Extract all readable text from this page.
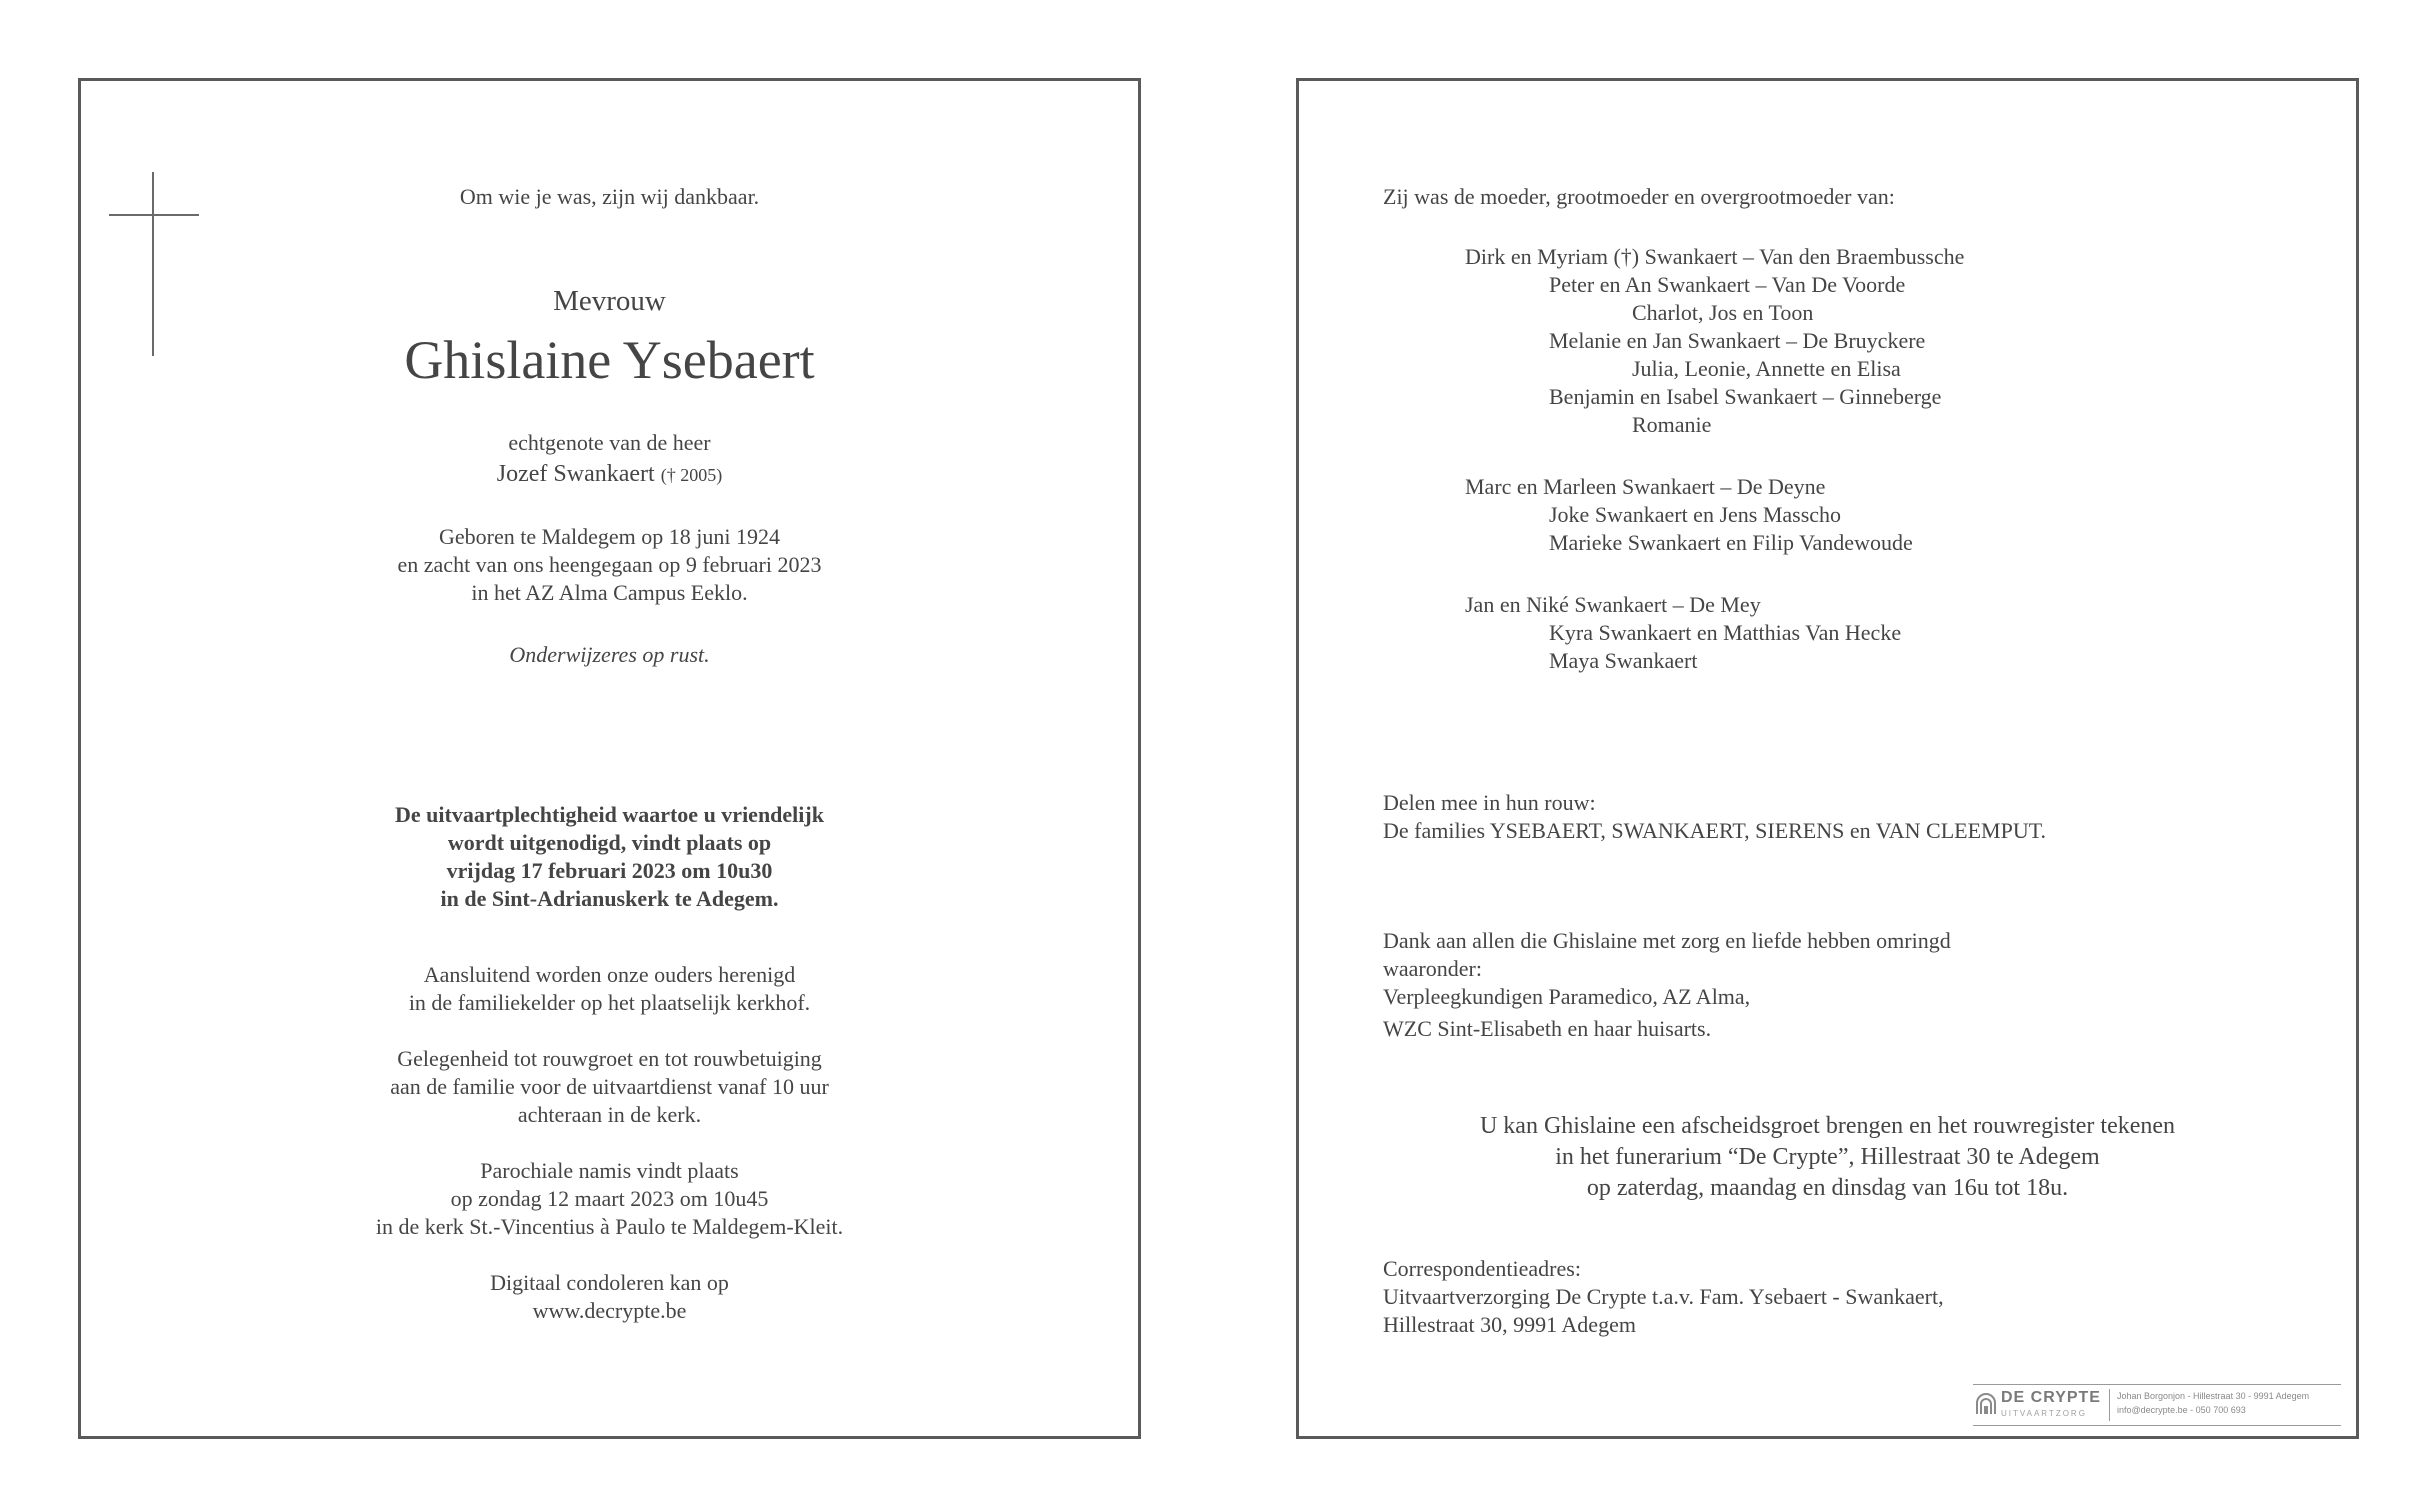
Om wie je was, zijn wij dankbaar.
Mevrouw
Ghislaine Ysebaert
echtgenote van de heer
Jozef Swankaert († 2005)
Geboren te Maldegem op 18 juni 1924
en zacht van ons heengegaan op 9 februari 2023
in het AZ Alma Campus Eeklo.
Onderwijzeres op rust.
De uitvaartplechtigheid waartoe u vriendelijk
wordt uitgenodigd, vindt plaats op
vrijdag 17 februari 2023 om 10u30
in de Sint-Adrianuskerk te Adegem.
Aansluitend worden onze ouders herenigd
in de familiekelder op het plaatselijk kerkhof.
Gelegenheid tot rouwgroet en tot rouwbetuiging
aan de familie voor de uitvaartdienst vanaf 10 uur
achteraan in de kerk.
Parochiale namis vindt plaats
op zondag 12 maart 2023 om 10u45
in de kerk St.-Vincentius à Paulo te Maldegem-Kleit.
Digitaal condoleren kan op
www.decrypte.be
Zij was de moeder, grootmoeder en overgrootmoeder van:
Dirk en Myriam (†) Swankaert – Van den Braembussche
Peter en An Swankaert – Van De Voorde
Charlot, Jos en Toon
Melanie en Jan Swankaert – De Bruyckere
Julia, Leonie, Annette en Elisa
Benjamin en Isabel Swankaert – Ginneberge
Romanie
Marc en Marleen Swankaert – De Deyne
Joke Swankaert en Jens Masscho
Marieke Swankaert en Filip Vandewoude
Jan en Niké Swankaert – De Mey
Kyra Swankaert en Matthias Van Hecke
Maya Swankaert
Delen mee in hun rouw:
De families YSEBAERT, SWANKAERT, SIERENS en VAN CLEEMPUT.
Dank aan allen die Ghislaine met zorg en liefde hebben omringd
waaronder:
Verpleegkundigen Paramedico, AZ Alma,
WZC Sint-Elisabeth en haar huisarts.
U kan Ghislaine een afscheidsgroet brengen en het rouwregister tekenen
in het funerarium “De Crypte”, Hillestraat 30 te Adegem
op zaterdag, maandag en dinsdag van 16u tot 18u.
Correspondentieadres:
Uitvaartverzorging De Crypte t.a.v. Fam. Ysebaert - Swankaert,
Hillestraat 30, 9991 Adegem
DE CRYPTE
UITVAARTZORG
Johan Borgonjon - Hillestraat 30 - 9991 Adegem
info@decrypte.be - 050 700 693
